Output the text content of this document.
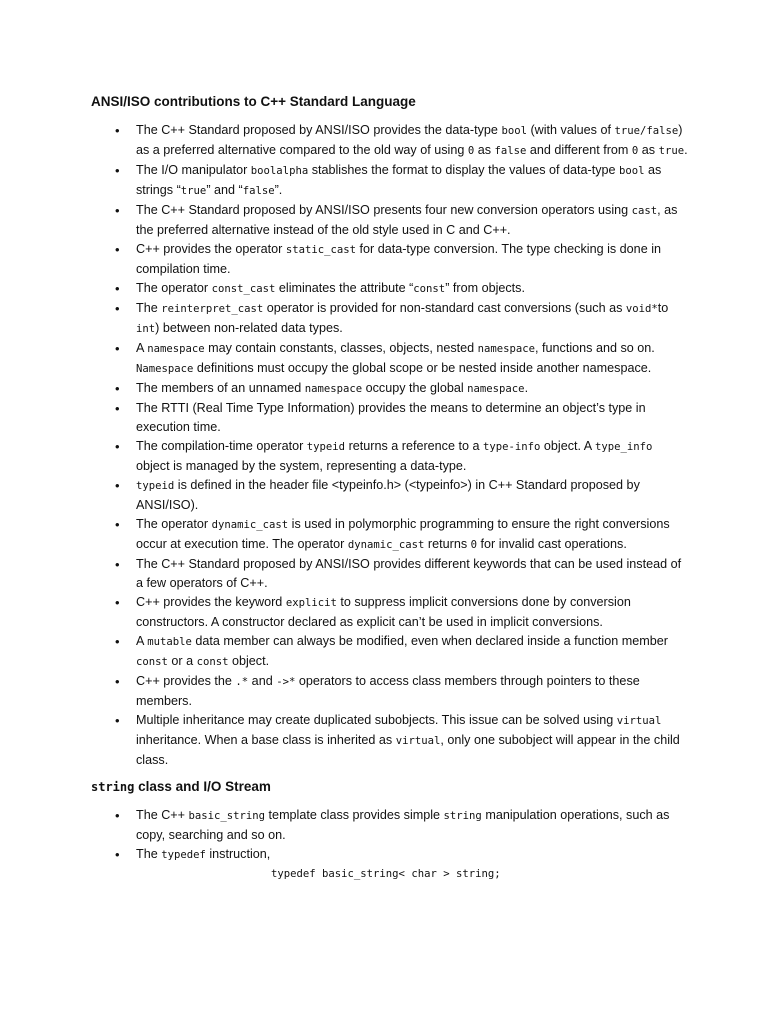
ANSI/ISO contributions to C++ Standard Language
• The C++ Standard proposed by ANSI/ISO provides the data-type bool (with values of true/false) as a preferred alternative compared to the old way of using 0 as false and different from 0 as true.
• The I/O manipulator boolalpha stablishes the format to display the values of data-type bool as strings “true” and “false”.
• The C++ Standard proposed by ANSI/ISO presents four new conversion operators using cast, as the preferred alternative instead of the old style used in C and C++.
• C++ provides the operator static_cast for data-type conversion. The type checking is done in compilation time.
• The operator const_cast eliminates the attribute “const” from objects.
• The reinterpret_cast operator is provided for non-standard cast conversions (such as void*to int) between non-related data types.
• A namespace may contain constants, classes, objects, nested namespace, functions and so on. Namespace definitions must occupy the global scope or be nested inside another namespace.
• The members of an unnamed namespace occupy the global namespace.
• The RTTI (Real Time Type Information) provides the means to determine an object’s type in execution time.
• The compilation-time operator typeid returns a reference to a type-info object. A type_info object is managed by the system, representing a data-type.
• typeid is defined in the header file <typeinfo.h> (<typeinfo>) in C++ Standard proposed by ANSI/ISO).
• The operator dynamic_cast is used in polymorphic programming to ensure the right conversions occur at execution time. The operator dynamic_cast returns 0 for invalid cast operations.
• The C++ Standard proposed by ANSI/ISO provides different keywords that can be used instead of a few operators of C++.
• C++ provides the keyword explicit to suppress implicit conversions done by conversion constructors. A constructor declared as explicit can’t be used in implicit conversions.
• A mutable data member can always be modified, even when declared inside a function member const or a const object.
• C++ provides the .* and ->* operators to access class members through pointers to these members.
• Multiple inheritance may create duplicated subobjects. This issue can be solved using virtual inheritance. When a base class is inherited as virtual, only one subobject will appear in the child class.
string class and I/O Stream
• The C++ basic_string template class provides simple string manipulation operations, such as copy, searching and so on.
• The typedef instruction,
typedef basic_string< char > string;
